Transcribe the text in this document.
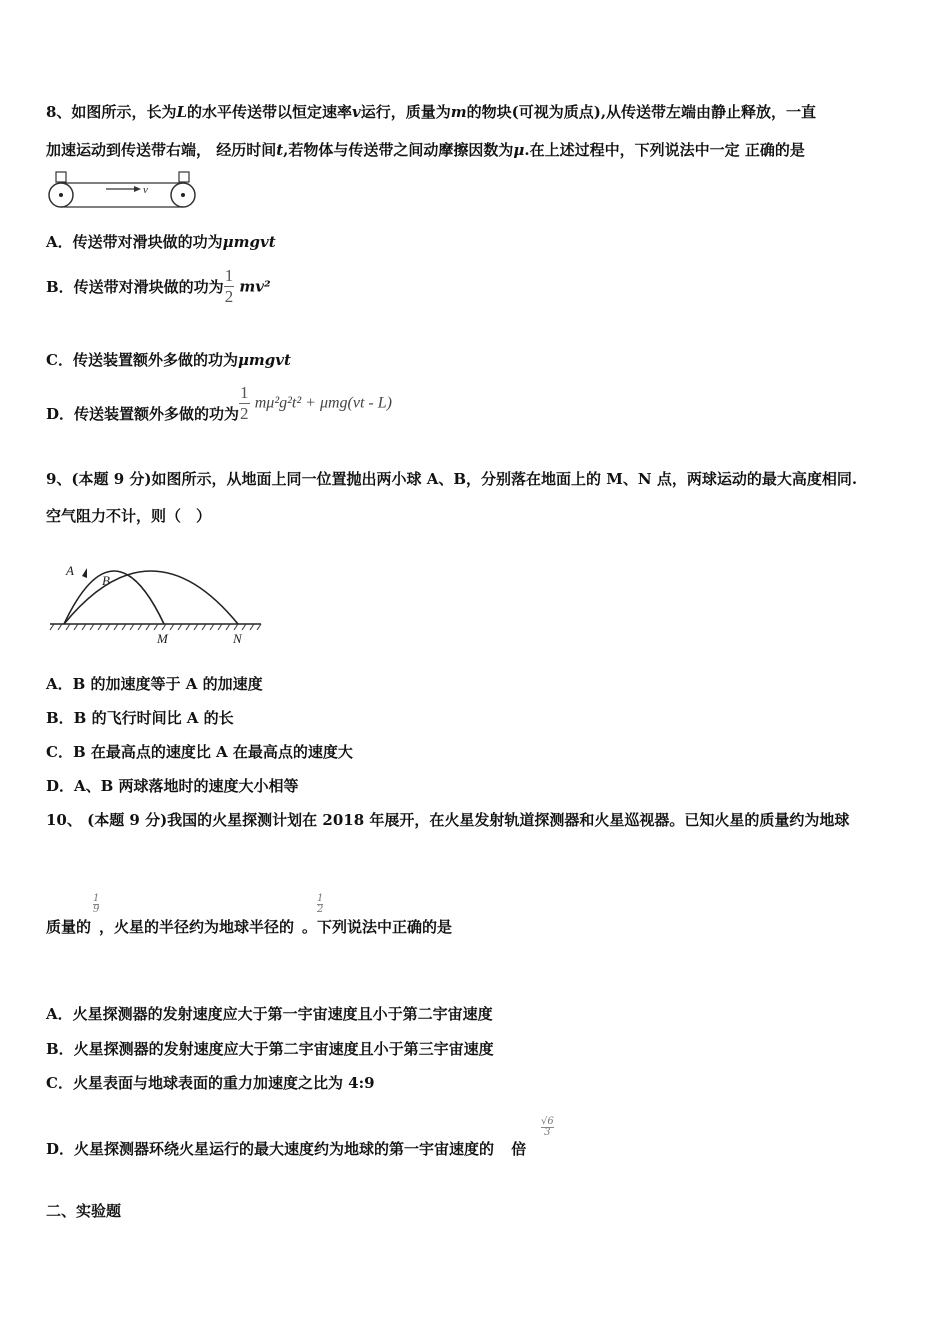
8、如图所示，长为L的水平传送带以恒定速率v运行，质量为m的物块(可视为质点),从传送带左端由静止释放，一直
加速运动到传送带右端， 经历时间t,若物体与传送带之间动摩擦因数为μ.在上述过程中，下列说法中一定 正确的是
v
A．传送带对滑块做的功为μmgvt
B．传送带对滑块做的功为 $\frac{1}{2} mv^2$
C．传送装置额外多做的功为μmgvt
D．传送装置额外多做的功为 $\frac{1}{2} m\mu^2g^2t^2 + \mu mg(vt - L)$
9、(本题 9 分)如图所示，从地面上同一位置抛出两小球 A、B，分别落在地面上的 M、N 点，两球运动的最大高度相同.
空气阻力不计，则（　）
A
B
M	N
A．B 的加速度等于 A 的加速度
B．B 的飞行时间比 A 的长
C．B 在最高点的速度比 A 在最高点的速度大
D．A、B 两球落地时的速度大小相等
10、 (本题 9 分)我国的火星探测计划在 2018 年展开，在火星发射轨道探测器和火星巡视器。已知火星的质量约为地球
$\frac{1}{9}$	$\frac{1}{2}$
质量的 ，火星的半径约为地球半径的 。下列说法中正确的是
A．火星探测器的发射速度应大于第一宇宙速度且小于第二宇宙速度
B．火星探测器的发射速度应大于第二宇宙速度且小于第三宇宙速度
C．火星表面与地球表面的重力加速度之比为 4:9
$\frac{√6}{3}$
D．火星探测器环绕火星运行的最大速度约为地球的第一宇宙速度的 倍
二、实验题
